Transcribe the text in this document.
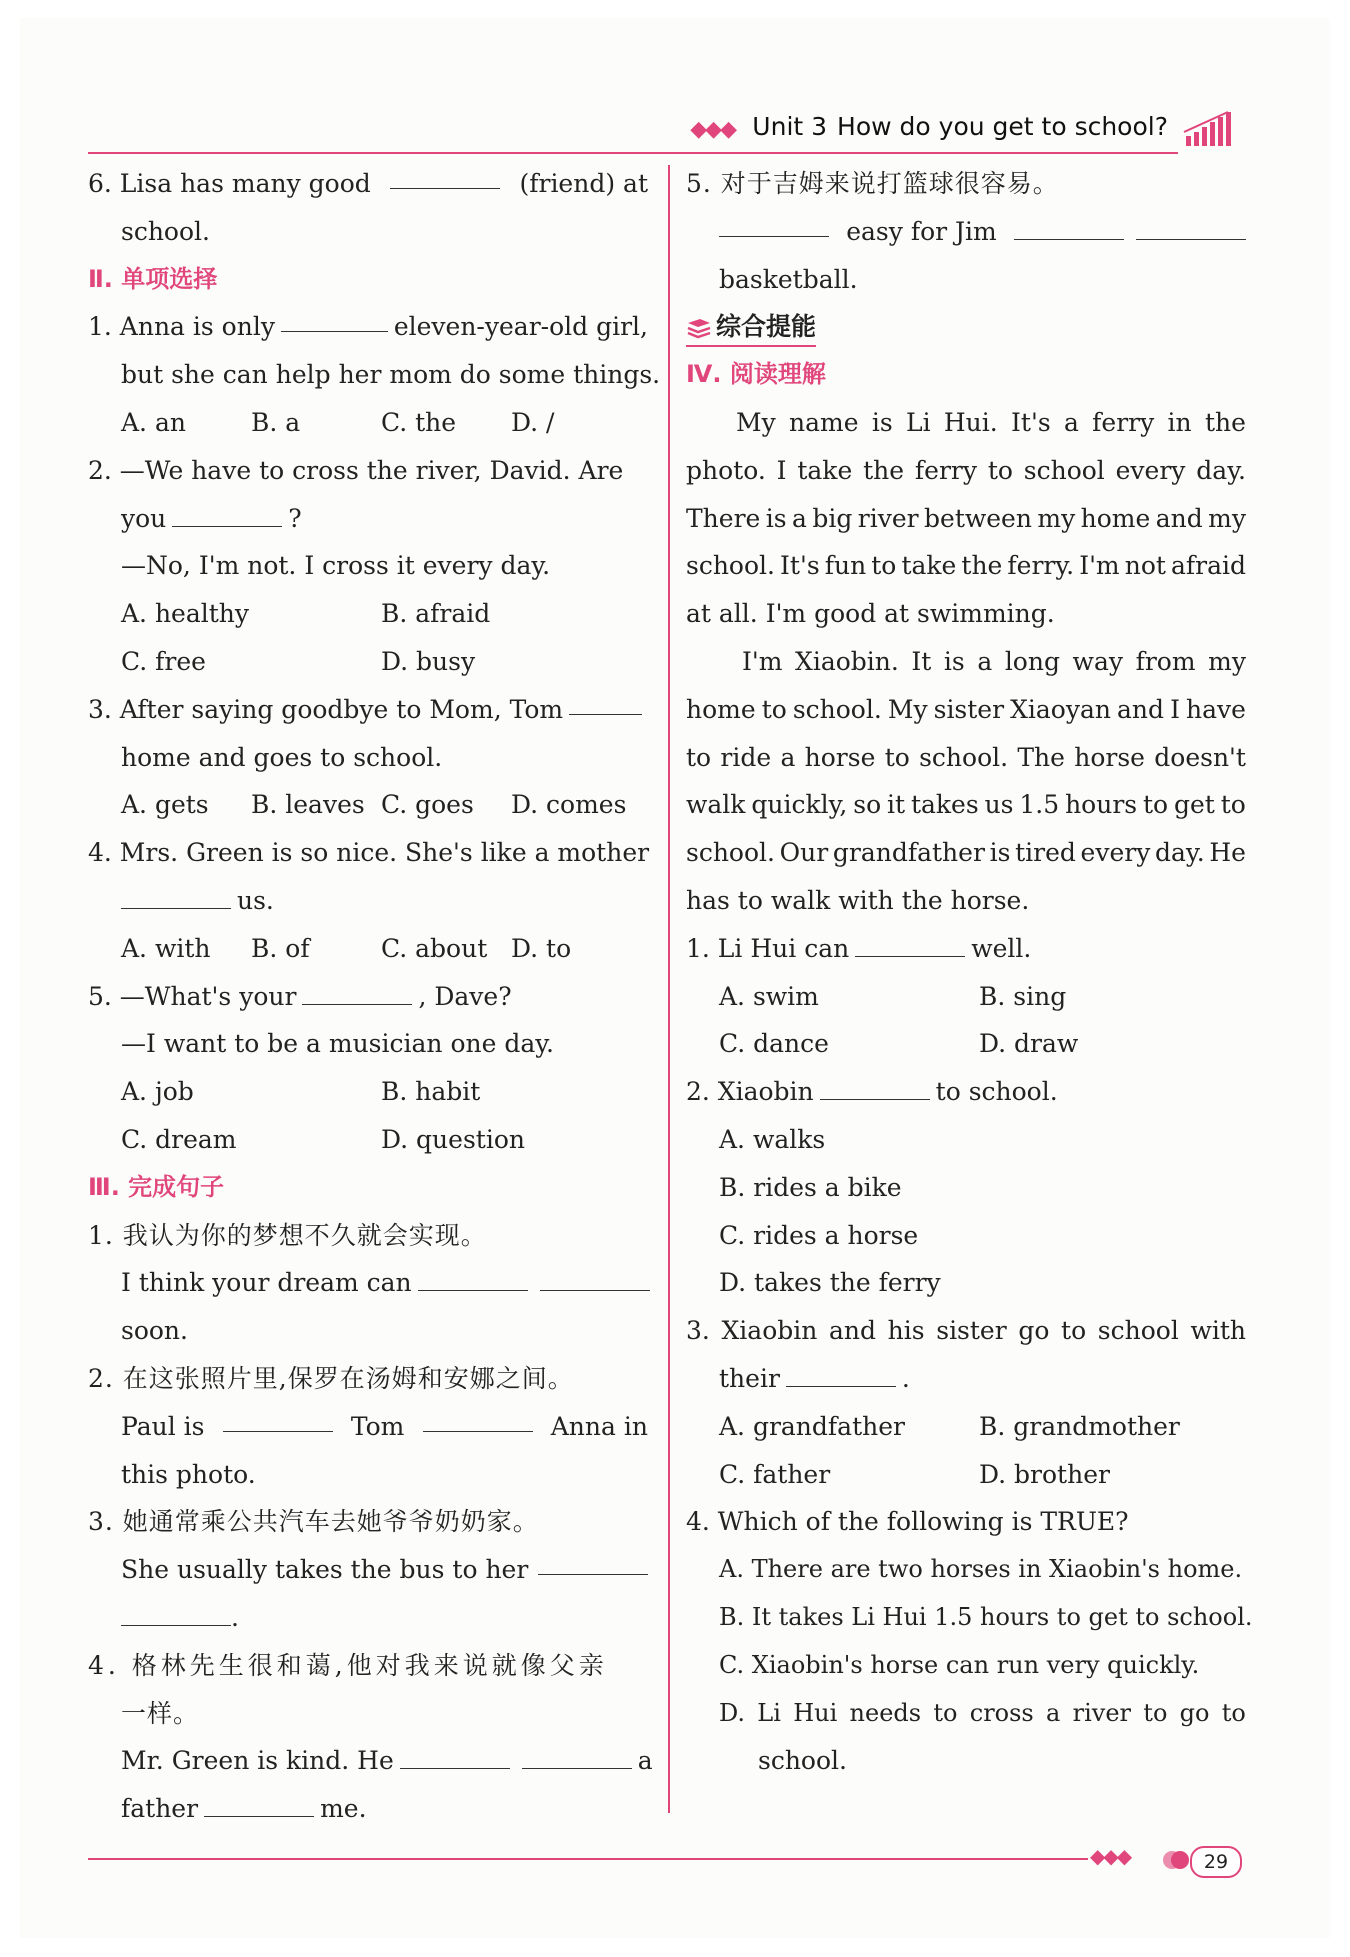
◆◆◆ Unit 3 How do you get to school?
6. Lisa has many good	(friend) at
school.
Ⅱ. 单项选择
1. Anna is only	eleven-year-old girl,
but she can help her mom do some things.
A. an	B. a	C. the	D. /
2. —We have to cross the river, David. Are
you	?
—No, I'm not. I cross it every day.
A. healthy	B. afraid
C. free	D. busy
3. After saying goodbye to Mom, Tom
home and goes to school.
A. gets	B. leaves C. goes	D. comes
4. Mrs. Green is so nice. She's like a mother
us.
A. with	B. of	C. about D. to
5. —What's your	, Dave?
—I want to be a musician one day.
A. job	B. habit
C. dream	D. question
Ⅲ. 完成句子
1. 我认为你的梦想不久就会实现。
I think your dream can
soon.
2. 在这张照片里,保罗在汤姆和安娜之间。
Paul is	Tom	Anna in
this photo.
3. 她通常乘公共汽车去她爷爷奶奶家。
She usually takes the bus to her
.
4. 格林先生很和蔼,他对我来说就像父亲
一样。
Mr. Green is kind. He	a
father	me.
5. 对于吉姆来说打篮球很容易。
easy for Jim
basketball.
综合提能
Ⅳ. 阅读理解
My name is Li Hui. It's a ferry in the
photo. I take the ferry to school every day.
There is a big river between my home and my
school. It's fun to take the ferry. I'm not afraid
at all. I'm good at swimming.
I'm Xiaobin. It is a long way from my
home to school. My sister Xiaoyan and I have
to ride a horse to school. The horse doesn't
walk quickly, so it takes us 1.5 hours to get to
school. Our grandfather is tired every day. He
has to walk with the horse.
1. Li Hui can	well.
A. swim	B. sing
C. dance	D. draw
2. Xiaobin	to school.
A. walks
B. rides a bike
C. rides a horse
D. takes the ferry
3. Xiaobin and his sister go to school with
their	.
A. grandfather	B. grandmother
C. father	D. brother
4. Which of the following is TRUE?
A. There are two horses in Xiaobin's home.
B. It takes Li Hui 1.5 hours to get to school.
C. Xiaobin's horse can run very quickly.
D. Li Hui needs to cross a river to go to
school.
◆◆◆	29
